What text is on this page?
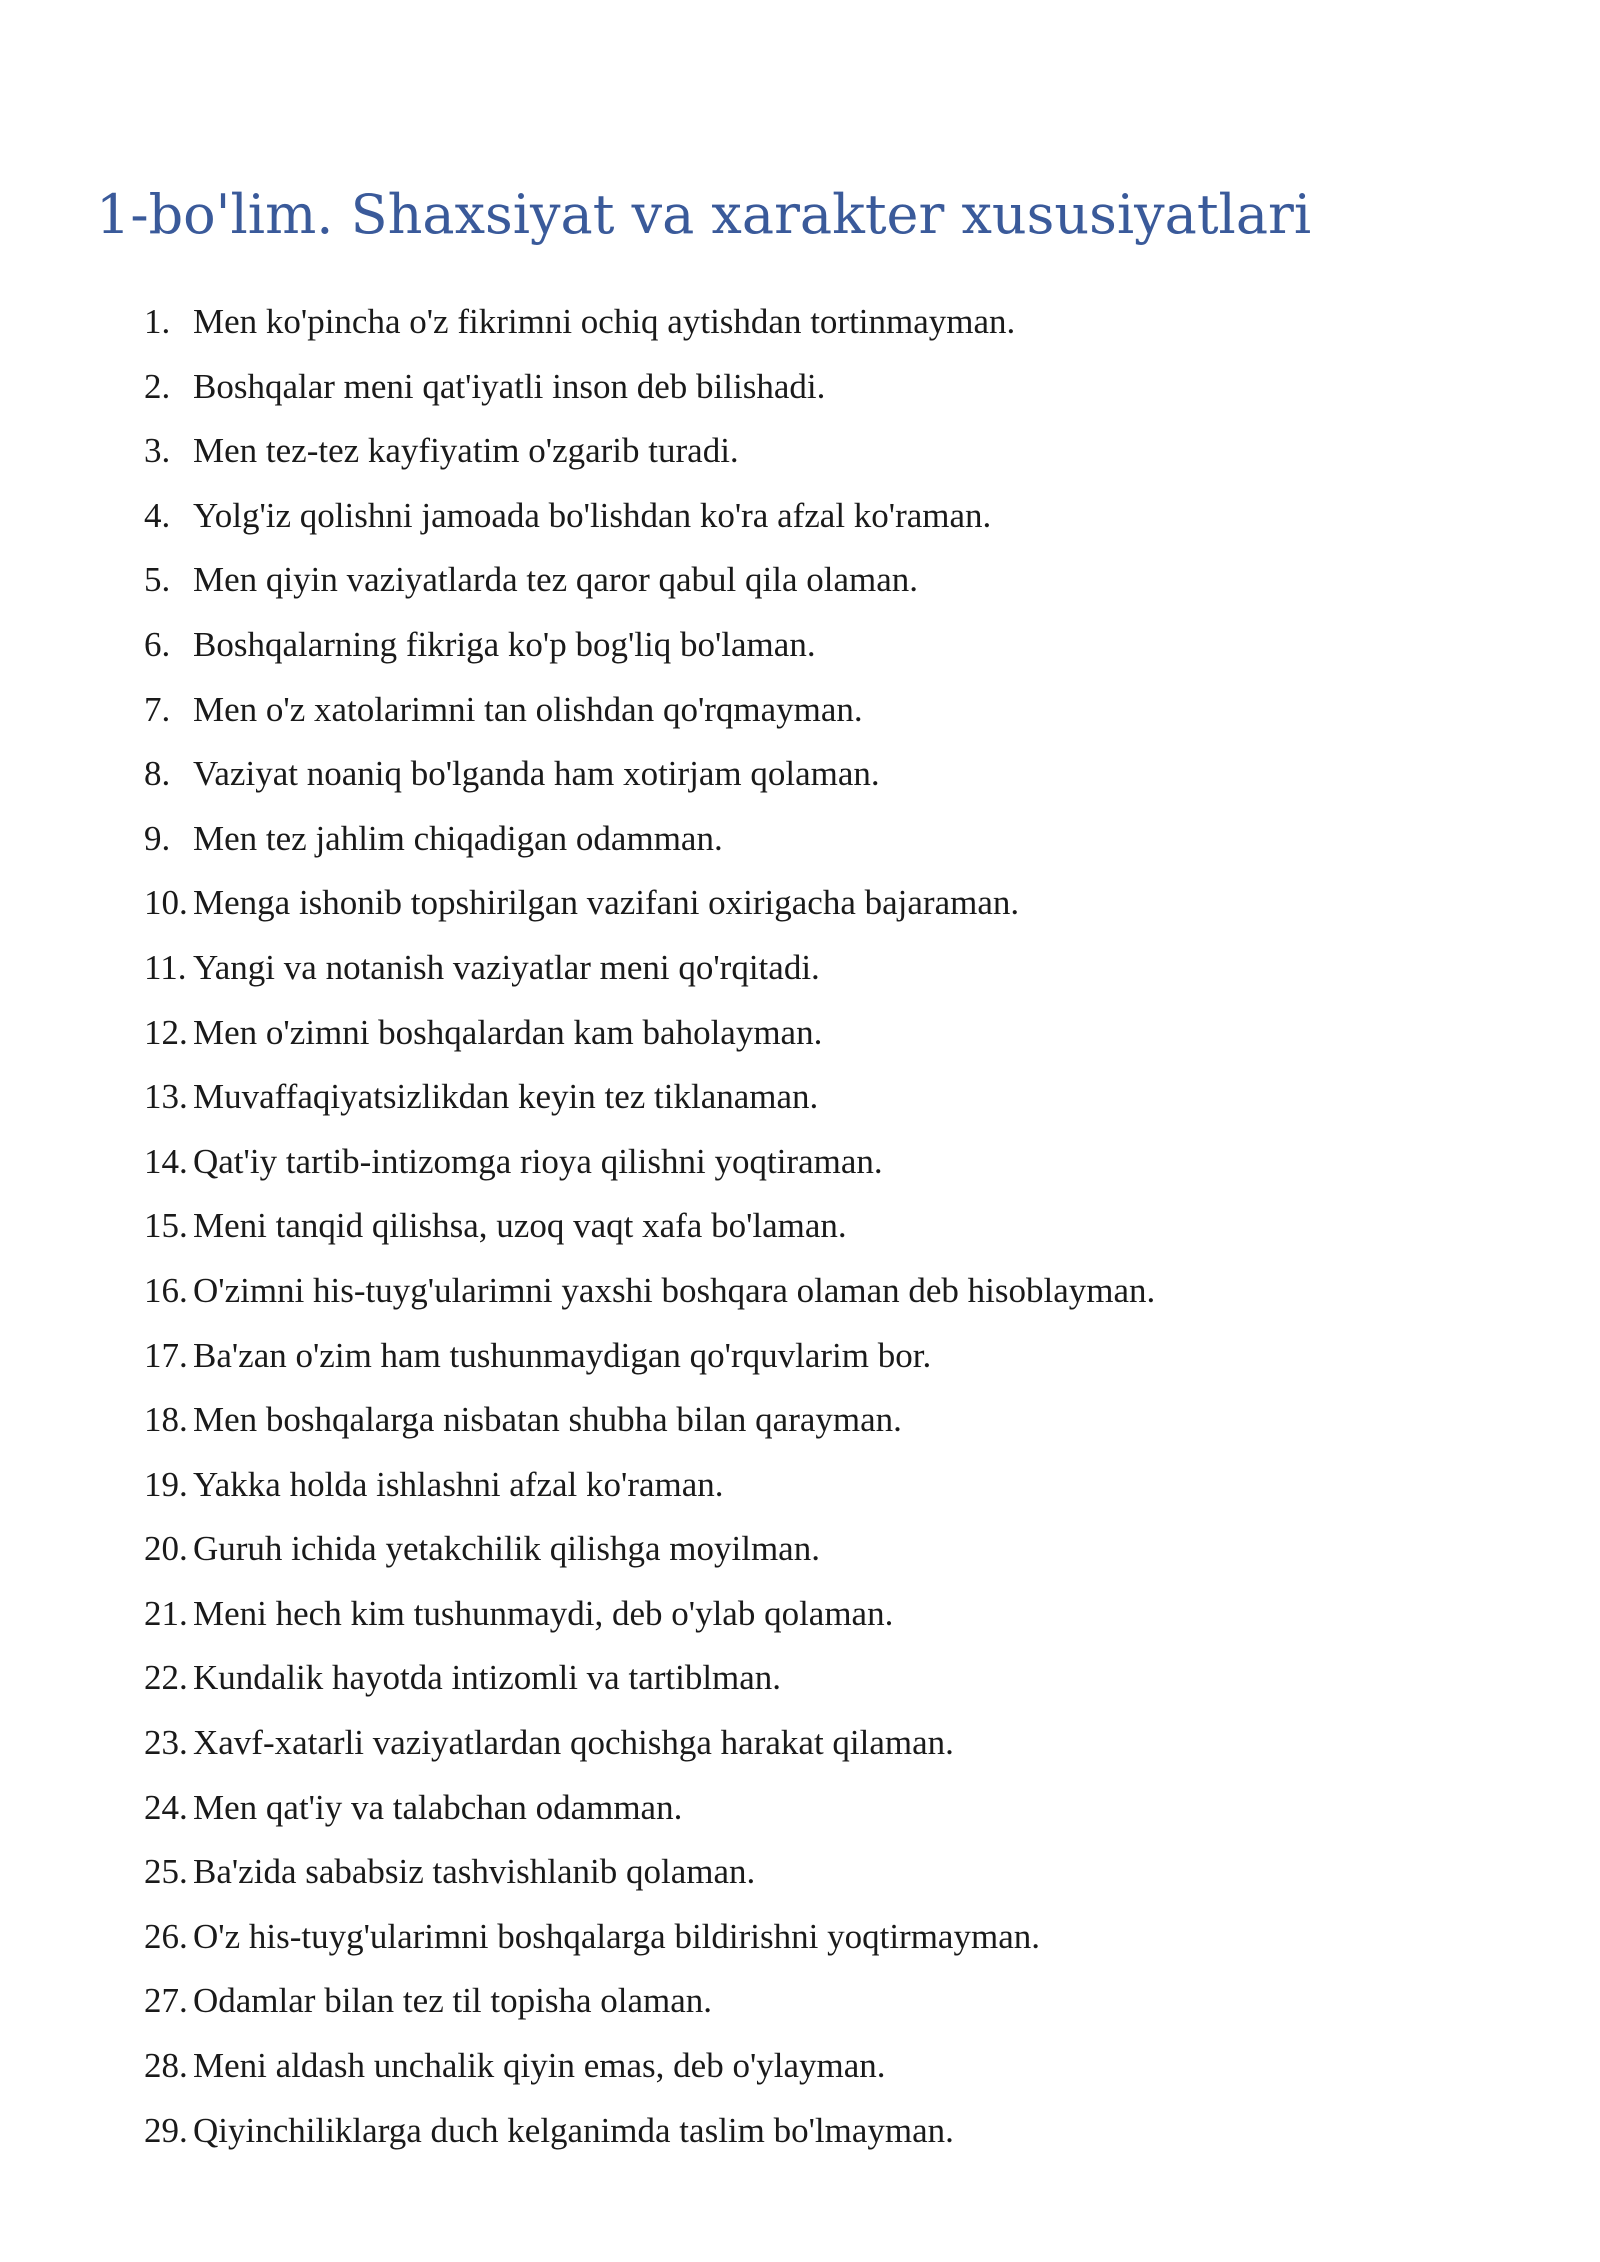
1-bo'lim. Shaxsiyat va xarakter xususiyatlari
1. Men ko'pincha o'z fikrimni ochiq aytishdan tortinmayman.
2. Boshqalar meni qat'iyatli inson deb bilishadi.
3. Men tez-tez kayfiyatim o'zgarib turadi.
4. Yolg'iz qolishni jamoada bo'lishdan ko'ra afzal ko'raman.
5. Men qiyin vaziyatlarda tez qaror qabul qila olaman.
6. Boshqalarning fikriga ko'p bog'liq bo'laman.
7. Men o'z xatolarimni tan olishdan qo'rqmayman.
8. Vaziyat noaniq bo'lganda ham xotirjam qolaman.
9. Men tez jahlim chiqadigan odamman.
10. Menga ishonib topshirilgan vazifani oxirigacha bajaraman.
11. Yangi va notanish vaziyatlar meni qo'rqitadi.
12. Men o'zimni boshqalardan kam baholayman.
13. Muvaffaqiyatsizlikdan keyin tez tiklanaman.
14. Qat'iy tartib-intizomga rioya qilishni yoqtiraman.
15. Meni tanqid qilishsa, uzoq vaqt xafa bo'laman.
16. O'zimni his-tuyg'ularimni yaxshi boshqara olaman deb hisoblayman.
17. Ba'zan o'zim ham tushunmaydigan qo'rquvlarim bor.
18. Men boshqalarga nisbatan shubha bilan qarayman.
19. Yakka holda ishlashni afzal ko'raman.
20. Guruh ichida yetakchilik qilishga moyilman.
21. Meni hech kim tushunmaydi, deb o'ylab qolaman.
22. Kundalik hayotda intizomli va tartiblman.
23. Xavf-xatarli vaziyatlardan qochishga harakat qilaman.
24. Men qat'iy va talabchan odamman.
25. Ba'zida sababsiz tashvishlanib qolaman.
26. O'z his-tuyg'ularimni boshqalarga bildirishni yoqtirmayman.
27. Odamlar bilan tez til topisha olaman.
28. Meni aldash unchalik qiyin emas, deb o'ylayman.
29. Qiyinchiliklarga duch kelganimda taslim bo'lmayman.
